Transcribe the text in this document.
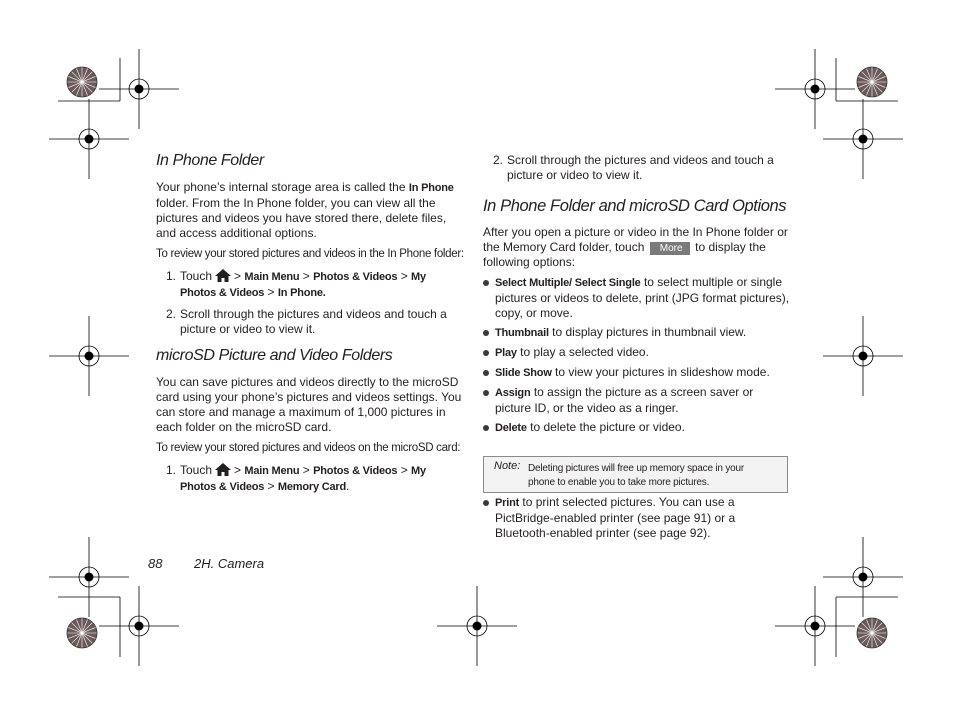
In Phone Folder

Your phone’s internal storage area is called the In Phone folder. From the In Phone folder, you can view all the pictures and videos you have stored there, delete files, and access additional options.

To review your stored pictures and videos in the In Phone folder:

1. Touch > Main Menu > Photos & Videos > My Photos & Videos > In Phone.
2. Scroll through the pictures and videos and touch a picture or video to view it.
microSD Picture and Video Folders

You can save pictures and videos directly to the microSD card using your phone’s pictures and videos settings. You can store and manage a maximum of 1,000 pictures in each folder on the microSD card.

To review your stored pictures and videos on the microSD card:

1. Touch > Main Menu > Photos & Videos > My Photos & Videos > Memory Card.
2. Scroll through the pictures and videos and touch a picture or video to view it.
In Phone Folder and microSD Card Options

After you open a picture or video in the In Phone folder or the Memory Card folder, touch More to display the following options:

Select Multiple/ Select Single to select multiple or single pictures or videos to delete, print (JPG format pictures), copy, or move.
Thumbnail to display pictures in thumbnail view.
Play to play a selected video.
Slide Show to view your pictures in slideshow mode.
Assign to assign the picture as a screen saver or picture ID, or the video as a ringer.
Delete to delete the picture or video.
Note: Deleting pictures will free up memory space in your phone to enable you to take more pictures.
Print to print selected pictures. You can use a PictBridge-enabled printer (see page 91) or a Bluetooth-enabled printer (see page 92).
88 2H. Camera
